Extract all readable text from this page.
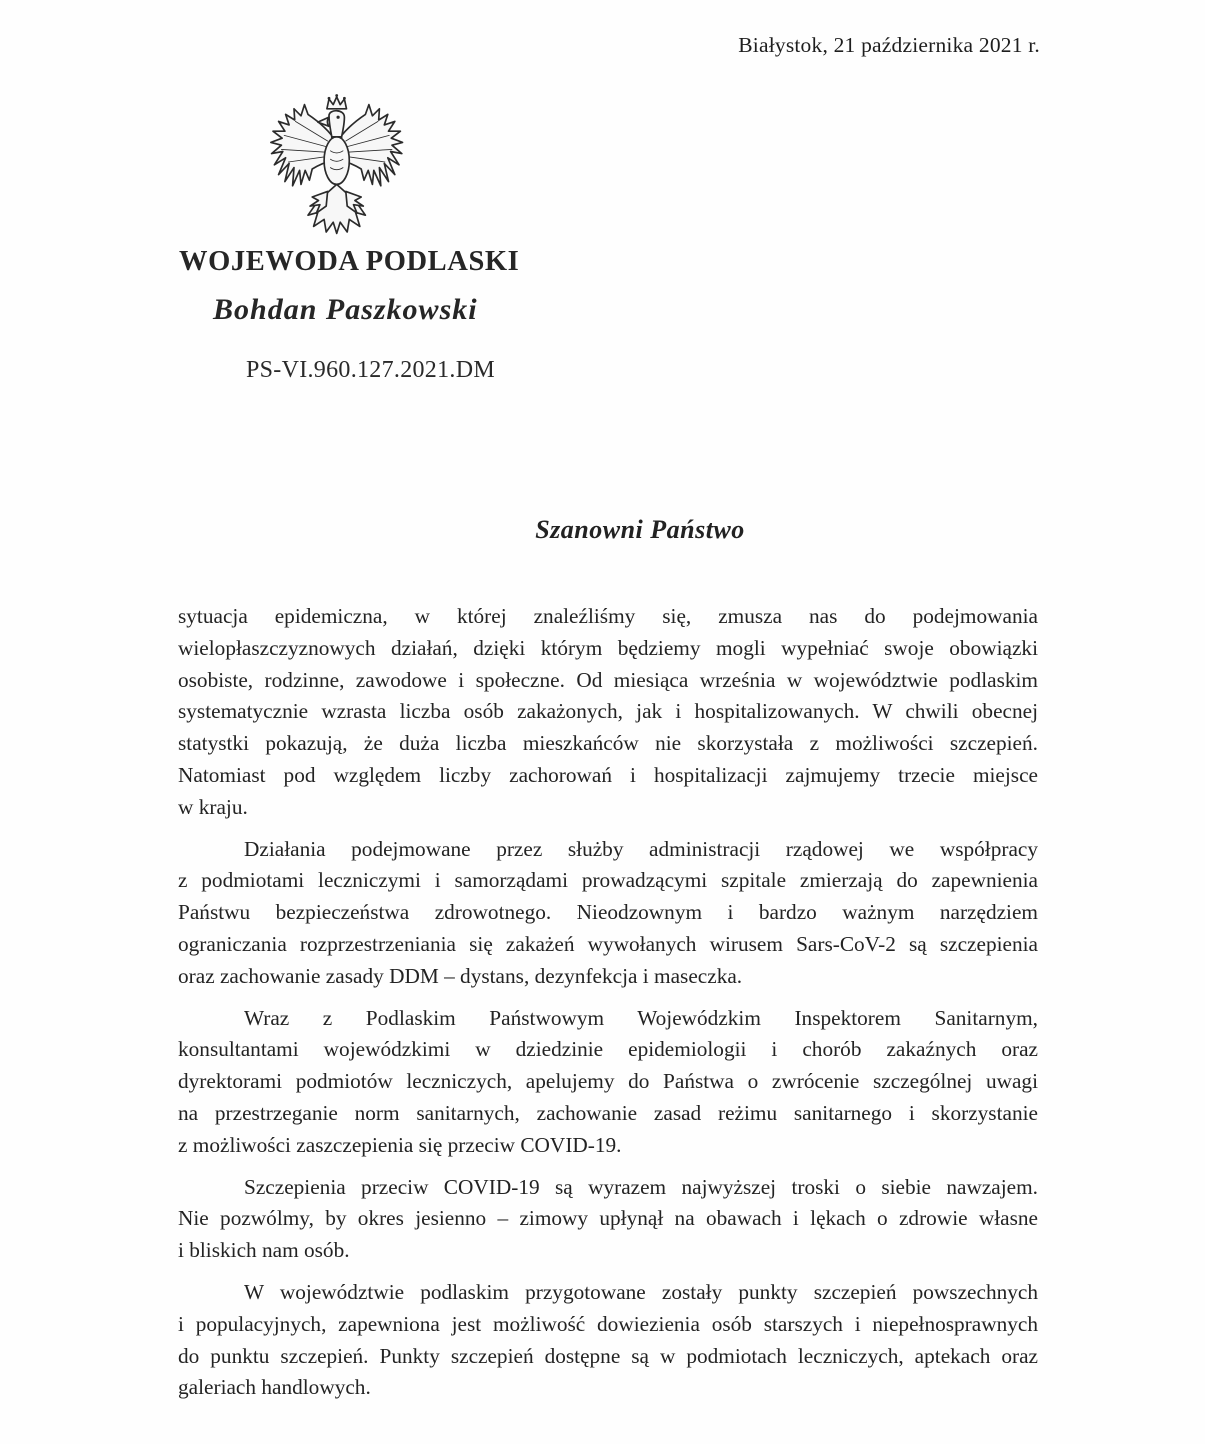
Białystok, 21 października 2021 r.
WOJEWODA PODLASKI
Bohdan Paszkowski
PS-VI.960.127.2021.DM
Szanowni Państwo
sytuacja epidemiczna, w której znaleźliśmy się, zmusza nas do podejmowania
wielopłaszczyznowych działań, dzięki którym będziemy mogli wypełniać swoje obowiązki
osobiste, rodzinne, zawodowe i społeczne. Od miesiąca września w województwie podlaskim
systematycznie wzrasta liczba osób zakażonych, jak i hospitalizowanych. W chwili obecnej
statystki pokazują, że duża liczba mieszkańców nie skorzystała z możliwości szczepień.
Natomiast pod względem liczby zachorowań i hospitalizacji zajmujemy trzecie miejsce
w kraju.
Działania podejmowane przez służby administracji rządowej we współpracy
z podmiotami leczniczymi i samorządami prowadzącymi szpitale zmierzają do zapewnienia
Państwu bezpieczeństwa zdrowotnego. Nieodzownym i bardzo ważnym narzędziem
ograniczania rozprzestrzeniania się zakażeń wywołanych wirusem Sars-CoV-2 są szczepienia
oraz zachowanie zasady DDM – dystans, dezynfekcja i maseczka.
Wraz z Podlaskim Państwowym Wojewódzkim Inspektorem Sanitarnym,
konsultantami wojewódzkimi w dziedzinie epidemiologii i chorób zakaźnych oraz
dyrektorami podmiotów leczniczych, apelujemy do Państwa o zwrócenie szczególnej uwagi
na przestrzeganie norm sanitarnych, zachowanie zasad reżimu sanitarnego i skorzystanie
z możliwości zaszczepienia się przeciw COVID-19.
Szczepienia przeciw COVID-19 są wyrazem najwyższej troski o siebie nawzajem.
Nie pozwólmy, by okres jesienno – zimowy upłynął na obawach i lękach o zdrowie własne
i bliskich nam osób.
W województwie podlaskim przygotowane zostały punkty szczepień powszechnych
i populacyjnych, zapewniona jest możliwość dowiezienia osób starszych i niepełnosprawnych
do punktu szczepień. Punkty szczepień dostępne są w podmiotach leczniczych, aptekach oraz
galeriach handlowych.
